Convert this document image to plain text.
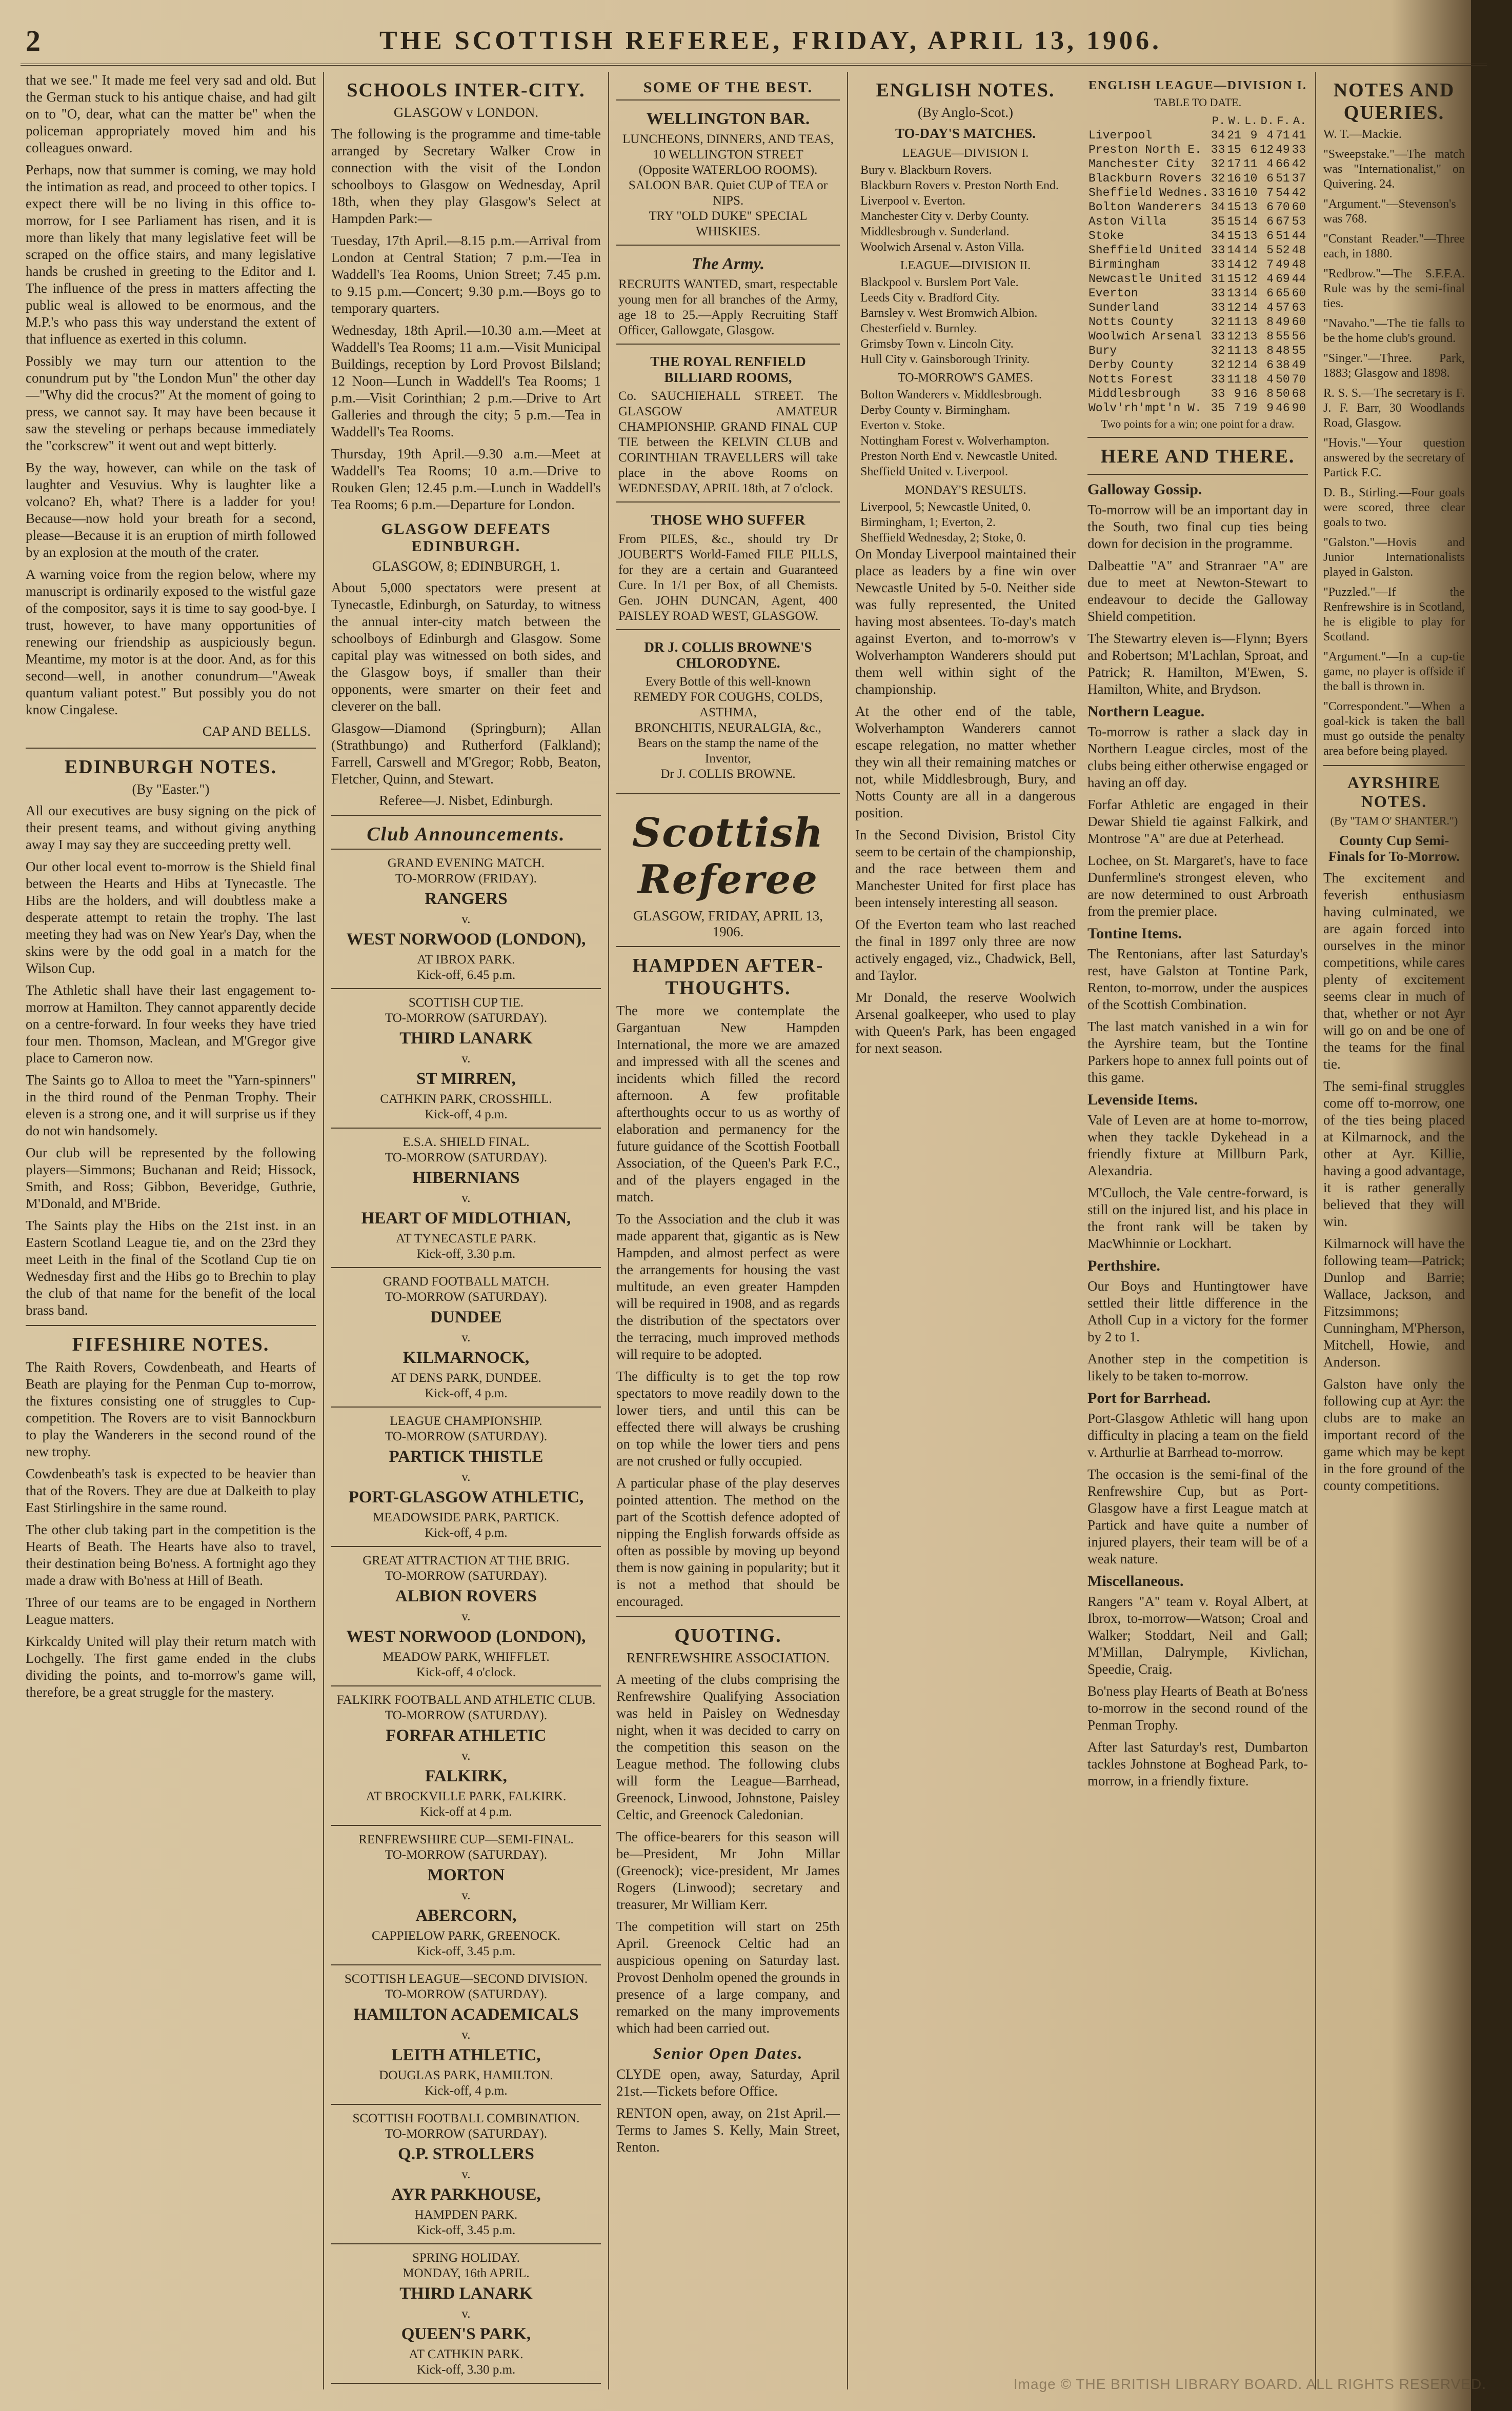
2	THE SCOTTISH REFEREE, FRIDAY, APRIL 13, 1906.

that we see." It made me feel very sad and old. But the German stuck to his antique chaise, and had gilt on to "O, dear, what can the matter be" when the policeman appropriately moved him and his colleagues onward.

Perhaps, now that summer is coming, we may hold the intimation as read, and proceed to other topics. I expect there will be no living in this office to-morrow, for I see Parliament has risen, and it is more than likely that many legislative feet will be scraped on the office stairs, and many legislative hands be crushed in greeting to the Editor and I. The influence of the press in matters affecting the public weal is allowed to be enormous, and the M.P.'s who pass this way understand the extent of that influence as exerted in this column.

Possibly we may turn our attention to the conundrum put by "the London Mun" the other day—"Why did the crocus?" At the moment of going to press, we cannot say. It may have been because it saw the steveling or perhaps because immediately the "corkscrew" it went out and wept bitterly.

By the way, however, can while on the task of laughter and Vesuvius. Why is laughter like a volcano? Eh, what? There is a ladder for you! Because—now hold your breath for a second, please—Because it is an eruption of mirth followed by an explosion at the mouth of the crater.

A warning voice from the region below, where my manuscript is ordinarily exposed to the wistful gaze of the compositor, says it is time to say good-bye. I trust, however, to have many opportunities of renewing our friendship as auspiciously begun. Meantime, my motor is at the door. And, as for this second—well, in another conundrum—"Aweak quantum valiant potest." But possibly you do not know Cingalese.

CAP AND BELLS.
EDINBURGH NOTES.
(By "Easter.")

All our executives are busy signing on the pick of their present teams, and without giving anything away I may say they are succeeding pretty well.

Our other local event to-morrow is the Shield final between the Hearts and Hibs at Tynecastle. The Hibs are the holders, and will doubtless make a desperate attempt to retain the trophy. The last meeting they had was on New Year's Day, when the skins were by the odd goal in a match for the Wilson Cup.

The Athletic shall have their last engagement to-morrow at Hamilton. They cannot apparently decide on a centre-forward. In four weeks they have tried four men. Thomson, Maclean, and M'Gregor give place to Cameron now.

The Saints go to Alloa to meet the "Yarn-spinners" in the third round of the Penman Trophy. Their eleven is a strong one, and it will surprise us if they do not win handsomely.

Our club will be represented by the following players—Simmons; Buchanan and Reid; Hissock, Smith, and Ross; Gibbon, Beveridge, Guthrie, M'Donald, and M'Bride.

The Saints play the Hibs on the 21st inst. in an Eastern Scotland League tie, and on the 23rd they meet Leith in the final of the Scotland Cup tie on Wednesday first and the Hibs go to Brechin to play the club of that name for the benefit of the local brass band.

FIFESHIRE NOTES.

The Raith Rovers, Cowdenbeath, and Hearts of Beath are playing for the Penman Cup to-morrow, the fixtures consisting one of struggles to Cup-competition. The Rovers are to visit Bannockburn to play the Wanderers in the second round of the new trophy.

Cowdenbeath's task is expected to be heavier than that of the Rovers. They are due at Dalkeith to play East Stirlingshire in the same round.

The other club taking part in the competition is the Hearts of Beath. The Hearts have also to travel, their destination being Bo'ness. A fortnight ago they made a draw with Bo'ness at Hill of Beath.

Three of our teams are to be engaged in Northern League matters.

Kirkcaldy United will play their return match with Lochgelly. The first game ended in the clubs dividing the points, and to-morrow's game will, therefore, be a great struggle for the mastery.

SCHOOLS INTER-CITY.
GLASGOW v LONDON.

The following is the programme and time-table arranged by Secretary Walker Crow in connection with the visit of the London schoolboys to Glasgow on Wednesday, April 18th, when they play Glasgow's Select at Hampden Park:—

Tuesday, 17th April.—8.15 p.m.—Arrival from London at Central Station; 7 p.m.—Tea in Waddell's Tea Rooms, Union Street; 7.45 p.m. to 9.15 p.m.—Concert; 9.30 p.m.—Boys go to temporary quarters.

Wednesday, 18th April.—10.30 a.m.—Meet at Waddell's Tea Rooms; 11 a.m.—Visit Municipal Buildings, reception by Lord Provost Bilsland; 12 Noon—Lunch in Waddell's Tea Rooms; 1 p.m.—Visit Corinthian; 2 p.m.—Drive to Art Galleries and through the city; 5 p.m.—Tea in Waddell's Tea Rooms.

Thursday, 19th April.—9.30 a.m.—Meet at Waddell's Tea Rooms; 10 a.m.—Drive to Rouken Glen; 12.45 p.m.—Lunch in Waddell's Tea Rooms; 6 p.m.—Departure for London.

GLASGOW DEFEATS EDINBURGH.
GLASGOW, 8; EDINBURGH, 1.

About 5,000 spectators were present at Tynecastle, Edinburgh, on Saturday, to witness the annual inter-city match between the schoolboys of Edinburgh and Glasgow. Some capital play was witnessed on both sides, and the Glasgow boys, if smaller than their opponents, were smarter on their feet and cleverer on the ball.

Glasgow—Diamond (Springburn); Allan (Strathbungo) and Rutherford (Falkland); Farrell, Carswell and M'Gregor; Robb, Beaton, Fletcher, Quinn, and Stewart.

Referee—J. Nisbet, Edinburgh.
Club Announcements.
GRAND EVENING MATCH.
TO-MORROW (FRIDAY).
RANGERS
v.
WEST NORWOOD (LONDON),
AT IBROX PARK.
Kick-off, 6.45 p.m.
SCOTTISH CUP TIE.
TO-MORROW (SATURDAY).
THIRD LANARK
v.
ST MIRREN,
CATHKIN PARK, CROSSHILL.
Kick-off, 4 p.m.
E.S.A. SHIELD FINAL.
TO-MORROW (SATURDAY).
HIBERNIANS
v.
HEART OF MIDLOTHIAN,
AT TYNECASTLE PARK.
Kick-off, 3.30 p.m.
GRAND FOOTBALL MATCH.
TO-MORROW (SATURDAY).
DUNDEE
v.
KILMARNOCK,
AT DENS PARK, DUNDEE.
Kick-off, 4 p.m.
LEAGUE CHAMPIONSHIP.
TO-MORROW (SATURDAY).
PARTICK THISTLE
v.
PORT-GLASGOW ATHLETIC,
MEADOWSIDE PARK, PARTICK.
Kick-off, 4 p.m.
GREAT ATTRACTION AT THE BRIG.
TO-MORROW (SATURDAY).
ALBION ROVERS
v.
WEST NORWOOD (LONDON),
MEADOW PARK, WHIFFLET.
Kick-off, 4 o'clock.
FALKIRK FOOTBALL AND ATHLETIC CLUB.
TO-MORROW (SATURDAY).
FORFAR ATHLETIC
v.
FALKIRK,
AT BROCKVILLE PARK, FALKIRK.
Kick-off at 4 p.m.
RENFREWSHIRE CUP—SEMI-FINAL.
TO-MORROW (SATURDAY).
MORTON
v.
ABERCORN,
CAPPIELOW PARK, GREENOCK.
Kick-off, 3.45 p.m.
SCOTTISH LEAGUE—SECOND DIVISION.
TO-MORROW (SATURDAY).
HAMILTON ACADEMICALS
v.
LEITH ATHLETIC,
DOUGLAS PARK, HAMILTON.
Kick-off, 4 p.m.
SCOTTISH FOOTBALL COMBINATION.
TO-MORROW (SATURDAY).
Q.P. STROLLERS
v.
AYR PARKHOUSE,
HAMPDEN PARK.
Kick-off, 3.45 p.m.
SPRING HOLIDAY.
MONDAY, 16th APRIL.
THIRD LANARK
v.
QUEEN'S PARK,
AT CATHKIN PARK.
Kick-off, 3.30 p.m.
SOME OF THE BEST.
WELLINGTON BAR.
LUNCHEONS, DINNERS, AND TEAS,
10 WELLINGTON STREET
(Opposite WATERLOO ROOMS).
SALOON BAR. Quiet CUP of TEA or NIPS.
TRY "OLD DUKE" SPECIAL WHISKIES.
The Army.
RECRUITS WANTED, smart, respectable young men for all branches of the Army, age 18 to 25.—Apply Recruiting Staff Officer, Gallowgate, Glasgow.
THE ROYAL RENFIELD BILLIARD ROOMS,
Co. SAUCHIEHALL STREET. The GLASGOW AMATEUR CHAMPIONSHIP. GRAND FINAL CUP TIE between the KELVIN CLUB and CORINTHIAN TRAVELLERS will take place in the above Rooms on WEDNESDAY, APRIL 18th, at 7 o'clock.
THOSE WHO SUFFER
From PILES, &c., should try Dr JOUBERT'S World-Famed FILE PILLS, for they are a certain and Guaranteed Cure. In 1/1 per Box, of all Chemists. Gen. JOHN DUNCAN, Agent, 400 PAISLEY ROAD WEST, GLASGOW.
DR J. COLLIS BROWNE'S CHLORODYNE.
Every Bottle of this well-known
REMEDY FOR COUGHS, COLDS, ASTHMA,
BRONCHITIS, NEURALGIA, &c.,
Bears on the stamp the name of the Inventor,
Dr J. COLLIS BROWNE.
Scottish Referee
GLASGOW, FRIDAY, APRIL 13, 1906.
HAMPDEN AFTER-THOUGHTS.

The more we contemplate the Gargantuan New Hampden International, the more we are amazed and impressed with all the scenes and incidents which filled the record afternoon. A few profitable afterthoughts occur to us as worthy of elaboration and permanency for the future guidance of the Scottish Football Association, of the Queen's Park F.C., and of the players engaged in the match.

To the Association and the club it was made apparent that, gigantic as is New Hampden, and almost perfect as were the arrangements for housing the vast multitude, an even greater Hampden will be required in 1908, and as regards the distribution of the spectators over the terracing, much improved methods will require to be adopted.

The difficulty is to get the top row spectators to move readily down to the lower tiers, and until this can be effected there will always be crushing on top while the lower tiers and pens are not crushed or fully occupied.

A particular phase of the play deserves pointed attention. The method on the part of the Scottish defence adopted of nipping the English forwards offside as often as possible by moving up beyond them is now gaining in popularity; but it is not a method that should be encouraged.

QUOTING.
RENFREWSHIRE ASSOCIATION.

A meeting of the clubs comprising the Renfrewshire Qualifying Association was held in Paisley on Wednesday night, when it was decided to carry on the competition this season on the League method. The following clubs will form the League—Barrhead, Greenock, Linwood, Johnstone, Paisley Celtic, and Greenock Caledonian.

The office-bearers for this season will be—President, Mr John Millar (Greenock); vice-president, Mr James Rogers (Linwood); secretary and treasurer, Mr William Kerr.

The competition will start on 25th April. Greenock Celtic had an auspicious opening on Saturday last. Provost Denholm opened the grounds in presence of a large company, and remarked on the many improvements which had been carried out.

Senior Open Dates.

CLYDE open, away, Saturday, April 21st.—Tickets before Office.

RENTON open, away, on 21st April.—Terms to James S. Kelly, Main Street, Renton.

ENGLISH NOTES.
(By Anglo-Scot.)
TO-DAY'S MATCHES.
LEAGUE—DIVISION I.
Bury v. Blackburn Rovers.
Blackburn Rovers v. Preston North End.
Liverpool v. Everton.
Manchester City v. Derby County.
Middlesbrough v. Sunderland.
Woolwich Arsenal v. Aston Villa.
LEAGUE—DIVISION II.
Blackpool v. Burslem Port Vale.
Leeds City v. Bradford City.
Barnsley v. West Bromwich Albion.
Chesterfield v. Burnley.
Grimsby Town v. Lincoln City.
Hull City v. Gainsborough Trinity.
TO-MORROW'S GAMES.
Bolton Wanderers v. Middlesbrough.
Derby County v. Birmingham.
Everton v. Stoke.
Nottingham Forest v. Wolverhampton.
Preston North End v. Newcastle United.
Sheffield United v. Liverpool.
MONDAY'S RESULTS.
Liverpool, 5; Newcastle United, 0.
Birmingham, 1; Everton, 2.
Sheffield Wednesday, 2; Stoke, 0.

On Monday Liverpool maintained their place as leaders by a fine win over Newcastle United by 5-0. Neither side was fully represented, the United having most absentees. To-day's match against Everton, and to-morrow's v Wolverhampton Wanderers should put them well within sight of the championship.

At the other end of the table, Wolverhampton Wanderers cannot escape relegation, no matter whether they win all their remaining matches or not, while Middlesbrough, Bury, and Notts County are all in a dangerous position.

In the Second Division, Bristol City seem to be certain of the championship, and the race between them and Manchester United for first place has been intensely interesting all season.

Of the Everton team who last reached the final in 1897 only three are now actively engaged, viz., Chadwick, Bell, and Taylor.

Mr Donald, the reserve Woolwich Arsenal goalkeeper, who used to play with Queen's Park, has been engaged for next season.

ENGLISH LEAGUE—DIVISION I.
TABLE TO DATE.
	P.	W.	L.	D.	F.	A.	
Liverpool	34	21	9	4	71	41	
Preston North E.	33	15	6	12	49	33	
Manchester City	32	17	11	4	66	42	
Blackburn Rovers	32	16	10	6	51	37	
Sheffield Wednes.	33	16	10	7	54	42	
Bolton Wanderers	34	15	13	6	70	60	
Aston Villa	35	15	14	6	67	53	
Stoke	34	15	13	6	51	44	
Sheffield United	33	14	14	5	52	48	
Birmingham	33	14	12	7	49	48	
Newcastle United	31	15	12	4	69	44	
Everton	33	13	14	6	65	60	
Sunderland	33	12	14	4	57	63	
Notts County	32	11	13	8	49	60	
Woolwich Arsenal	33	12	13	8	55	56	
Bury	32	11	13	8	48	55	
Derby County	32	12	14	6	38	49	
Notts Forest	33	11	18	4	50	70	
Middlesbrough	33	9	16	8	50	68	
Wolv'rh'mpt'n W.	35	7	19	9	46	90	
Two points for a win; one point for a draw.
HERE AND THERE.
Galloway Gossip.

To-morrow will be an important day in the South, two final cup ties being down for decision in the programme.

Dalbeattie "A" and Stranraer "A" are due to meet at Newton-Stewart to endeavour to decide the Galloway Shield competition.

The Stewartry eleven is—Flynn; Byers and Robertson; M'Lachlan, Sproat, and Patrick; R. Hamilton, M'Ewen, S. Hamilton, White, and Brydson.

Northern League.

To-morrow is rather a slack day in Northern League circles, most of the clubs being either otherwise engaged or having an off day.

Forfar Athletic are engaged in their Dewar Shield tie against Falkirk, and Montrose "A" are due at Peterhead.

Lochee, on St. Margaret's, have to face Dunfermline's strongest eleven, who are now determined to oust Arbroath from the premier place.

Tontine Items.

The Rentonians, after last Saturday's rest, have Galston at Tontine Park, Renton, to-morrow, under the auspices of the Scottish Combination.

The last match vanished in a win for the Ayrshire team, but the Tontine Parkers hope to annex full points out of this game.

Levenside Items.

Vale of Leven are at home to-morrow, when they tackle Dykehead in a friendly fixture at Millburn Park, Alexandria.

M'Culloch, the Vale centre-forward, is still on the injured list, and his place in the front rank will be taken by MacWhinnie or Lockhart.

Perthshire.

Our Boys and Huntingtower have settled their little difference in the Atholl Cup in a victory for the former by 2 to 1.

Another step in the competition is likely to be taken to-morrow.

Port for Barrhead.

Port-Glasgow Athletic will hang upon difficulty in placing a team on the field v. Arthurlie at Barrhead to-morrow.

The occasion is the semi-final of the Renfrewshire Cup, but as Port-Glasgow have a first League match at Partick and have quite a number of injured players, their team will be of a weak nature.

Miscellaneous.

Rangers "A" team v. Royal Albert, at Ibrox, to-morrow—Watson; Croal and Walker; Stoddart, Neil and Gall; M'Millan, Dalrymple, Kivlichan, Speedie, Craig.

Bo'ness play Hearts of Beath at Bo'ness to-morrow in the second round of the Penman Trophy.

After last Saturday's rest, Dumbarton tackles Johnstone at Boghead Park, to-morrow, in a friendly fixture.

NOTES AND QUERIES.

W. T.—Mackie.

"Sweepstake."—The match was "Internationalist," on Quivering. 24.

"Argument."—Stevenson's was 768.

"Constant Reader."—Three each, in 1880.

"Redbrow."—The S.F.F.A. Rule was by the semi-final ties.

"Navaho."—The tie falls to be the home club's ground.

"Singer."—Three. Park, 1883; Glasgow and 1898.

R. S. S.—The secretary is F. J. F. Barr, 30 Woodlands Road, Glasgow.

"Hovis."—Your question answered by the secretary of Partick F.C.

D. B., Stirling.—Four goals were scored, three clear goals to two.

"Galston."—Hovis and Junior Internationalists played in Galston.

"Puzzled."—If the Renfrewshire is in Scotland, he is eligible to play for Scotland.

"Argument."—In a cup-tie game, no player is offside if the ball is thrown in.

"Correspondent."—When a goal-kick is taken the ball must go outside the penalty area before being played.

AYRSHIRE NOTES.
(By "TAM O' SHANTER.")
County Cup Semi-Finals for To-Morrow.

The excitement and feverish enthusiasm having culminated, we are again forced into ourselves in the minor competitions, while cares plenty of excitement seems clear in much of that, whether or not Ayr will go on and be one of the teams for the final tie.

The semi-final struggles come off to-morrow, one of the ties being placed at Kilmarnock, and the other at Ayr. Killie, having a good advantage, it is rather generally believed that they will win.

Kilmarnock will have the following team—Patrick; Dunlop and Barrie; Wallace, Jackson, and Fitzsimmons; Cunningham, M'Pherson, Mitchell, Howie, and Anderson.

Galston have only the following cup at Ayr: the clubs are to make an important record of the game which may be kept in the fore ground of the county competitions.

Image © THE BRITISH LIBRARY BOARD. ALL RIGHTS RESERVED.
